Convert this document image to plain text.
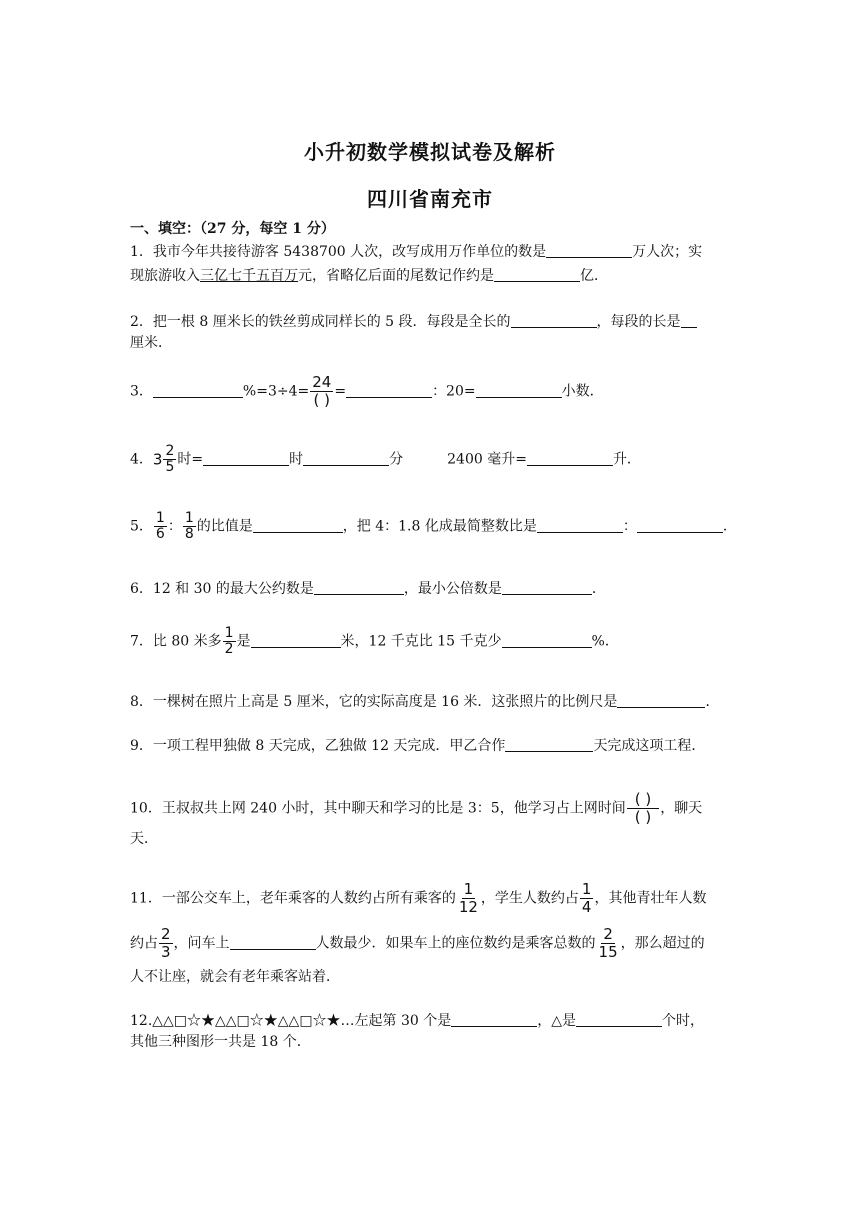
小升初数学模拟试卷及解析
四川省南充市
一、填空：（27 分，每空 1 分）
1．我市今年共接待游客 5438700 人次，改写成用万作单位的数是	万人次；实
现旅游收入三亿七千五百万元，省略亿后面的尾数记作约是	亿．
2．把一根 8 厘米长的铁丝剪成同样长的 5 段．每段是全长的	，每段的长是
厘米．
3．	$\%=3\div 4= \frac{24}{( )}$ =	：20=	小数．
4．$3 \frac{2}{5}$ 时=	时	分	2400 毫升=	升．
5． $\frac{1}{6}$ ： $\frac{1}{8}$ 的比值是	，把 4：1.8 化成最简整数比是	：	．
6．12 和 30 的最大公约数是	，最小公倍数是	．
7．比 80 米多 $\frac{1}{2}$ 是	米，12 千克比 15 千克少	%．
8．一棵树在照片上高是 5 厘米，它的实际高度是 16 米．这张照片的比例尺是	．
9．一项工程甲独做 8 天完成，乙独做 12 天完成．甲乙合作	天完成这项工程．
10．王叔叔共上网 240 小时，其中聊天和学习的比是 3：5，他学习占上网时间 $\frac{( )}{( )}$ ，聊天
天．
11．一部公交车上，老年乘客的人数约占所有乘客的 $\frac{1}{12}$ ，学生人数约占 $\frac{1}{4}$ ，其他青壮年人数
约占 $\frac{2}{3}$ ，问车上	人数最少．如果车上的座位数约是乘客总数的 $\frac{2}{15}$ ，那么超过的
人不让座，就会有老年乘客站着．
12.△△□☆★△△□☆★△△□☆★…左起第 30 个是	，△是	个时，
其他三种图形一共是 18 个．
